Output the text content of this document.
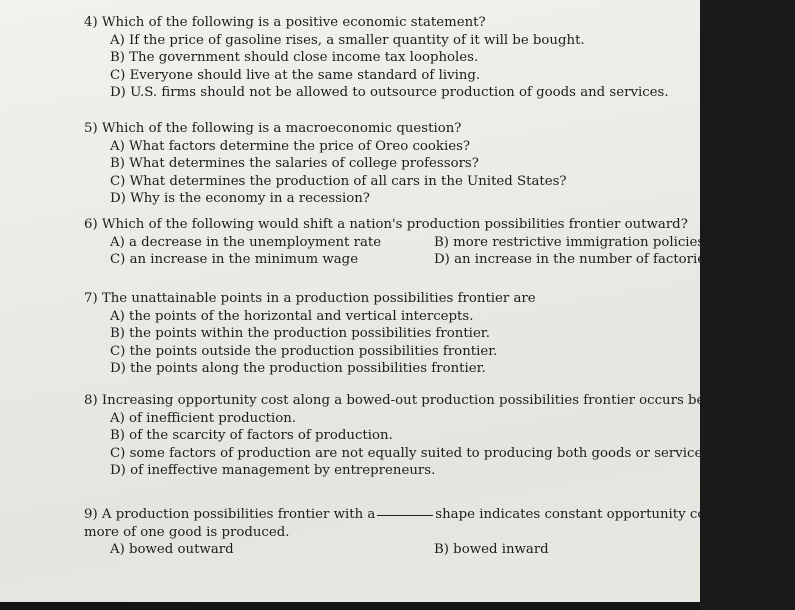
4) Which of the following is a positive economic statement?
A) If the price of gasoline rises, a smaller quantity of it will be bought.
B) The government should close income tax loopholes.
C) Everyone should live at the same standard of living.
D) U.S. firms should not be allowed to outsource production of goods and services.
5) Which of the following is a macroeconomic question?
A) What factors determine the price of Oreo cookies?
B) What determines the salaries of college professors?
C) What determines the production of all cars in the United States?
D) Why is the economy in a recession?
6) Which of the following would shift a nation's production possibilities frontier outward?
A) a decrease in the unemployment rate	B) more restrictive immigration policies
C) an increase in the minimum wage	D) an increase in the number of factories
7) The unattainable points in a production possibilities frontier are
A) the points of the horizontal and vertical intercepts.
B) the points within the production possibilities frontier.
C) the points outside the production possibilities frontier.
D) the points along the production possibilities frontier.
8) Increasing opportunity cost along a bowed-out production possibilities frontier occurs because
A) of inefficient production.
B) of the scarcity of factors of production.
C) some factors of production are not equally suited to producing both goods or services.
D) of ineffective management by entrepreneurs.
9) A production possibilities frontier with a	shape indicates constant opportunity costs as more a
more of one good is produced.
A) bowed outward	B) bowed inward
